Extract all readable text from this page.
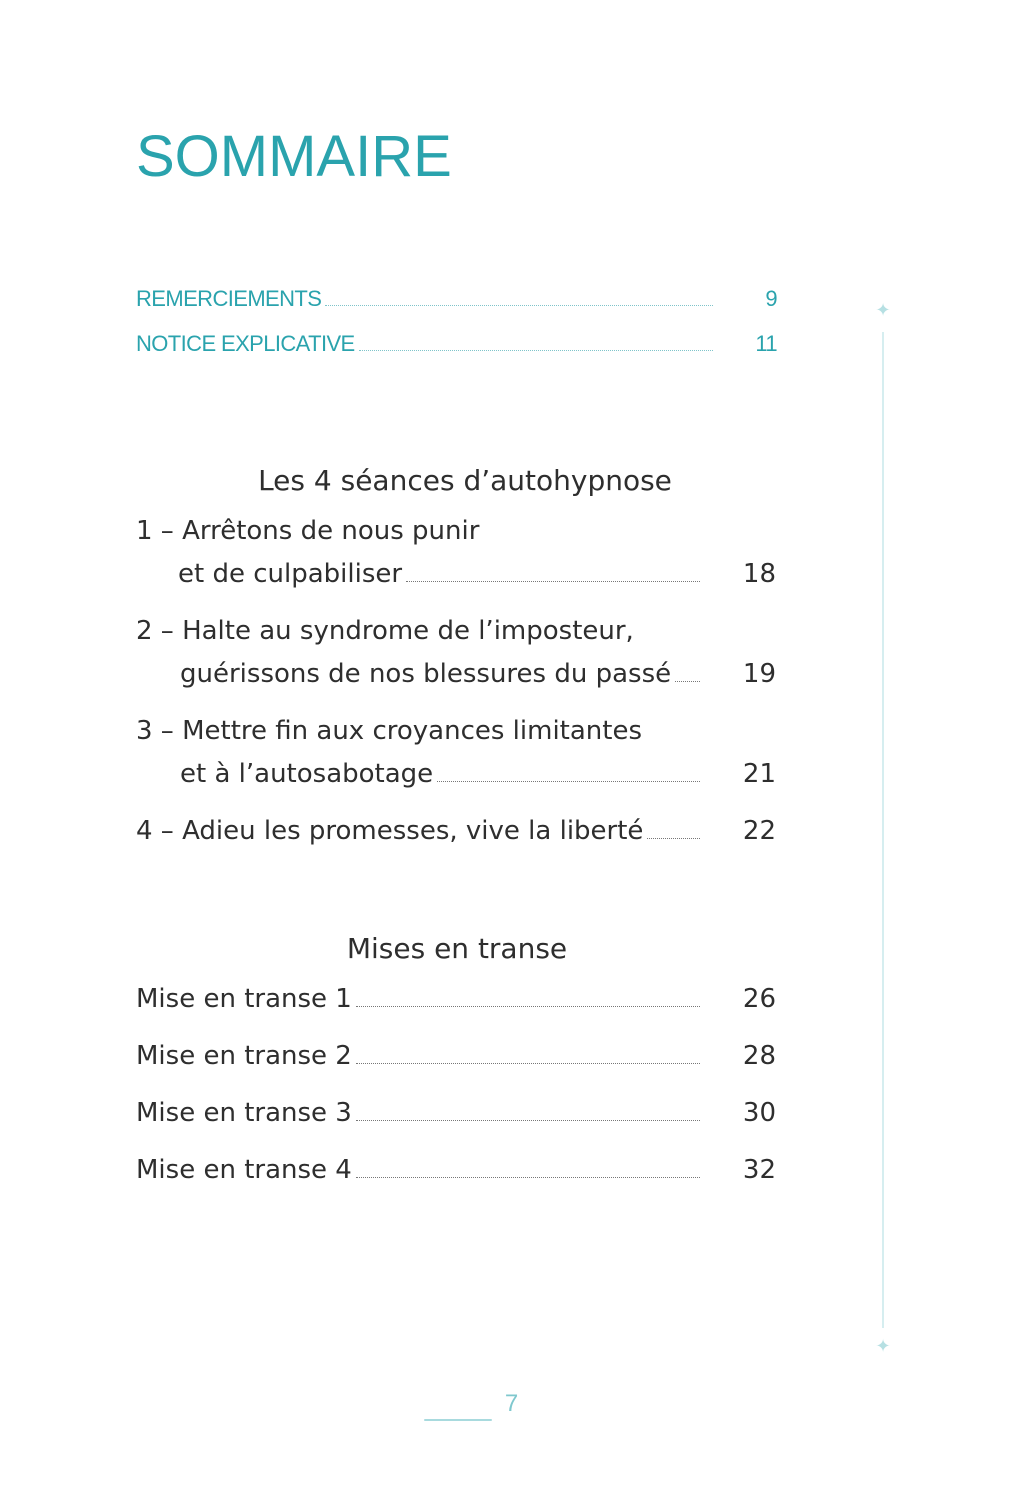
SOMMAIRE
REMERCIEMENTS	9
NOTICE EXPLICATIVE	11
Les 4 séances d’autohypnose
1 – Arrêtons de nous punir
et de culpabiliser	18
2 – Halte au syndrome de l’imposteur,
guérissons de nos blessures du passé	19
3 – Mettre fin aux croyances limitantes
et à l’autosabotage	21
4 – Adieu les promesses, vive la liberté	22
Mises en transe
Mise en transe 1	26
Mise en transe 2	28
Mise en transe 3	30
Mise en transe 4	32
✦
✦
7
